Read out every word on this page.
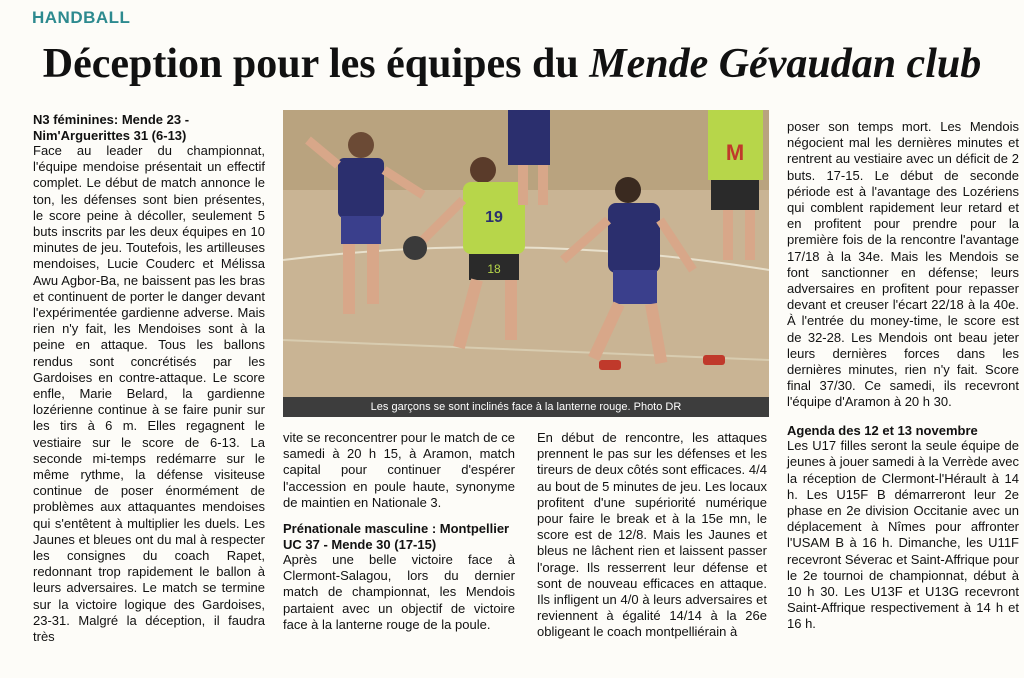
HANDBALL
Déception pour les équipes du Mende Gévaudan club

N3 féminines: Mende 23 - Nim'Arguerittes 31 (6-13)

Face au leader du championnat, l'équipe mendoise présentait un effectif complet. Le début de match annonce le ton, les défenses sont bien présentes, le score peine à décoller, seulement 5 buts inscrits par les deux équipes en 10 minutes de jeu. Toutefois, les artilleuses mendoises, Lucie Couderc et Mélissa Awu Agbor-Ba, ne baissent pas les bras et continuent de porter le danger devant l'expérimentée gardienne adverse. Mais rien n'y fait, les Mendoises sont à la peine en attaque. Tous les ballons rendus sont concrétisés par les Gardoises en contre-attaque. Le score enfle, Marie Belard, la gardienne lozérienne continue à se faire punir sur les tirs à 6 m. Elles regagnent le vestiaire sur le score de 6-13. La seconde mi-temps redémarre sur le même rythme, la défense visiteuse continue de poser énormément de problèmes aux attaquantes mendoises qui s'entêtent à multiplier les duels. Les Jaunes et bleues ont du mal à respecter les consignes du coach Rapet, redonnant trop rapidement le ballon à leurs adversaires. Le match se termine sur la victoire logique des Gardoises, 23-31. Malgré la déception, il faudra très

19
18
M
Les garçons se sont inclinés face à la lanterne rouge. Photo DR

vite se reconcentrer pour le match de ce samedi à 20 h 15, à Aramon, match capital pour continuer d'espérer l'accession en poule haute, synonyme de maintien en Nationale 3.

Prénationale masculine : Montpellier UC 37 - Mende 30 (17-15)

Après une belle victoire face à Clermont-Salagou, lors du dernier match de championnat, les Mendois partaient avec un objectif de victoire face à la lanterne rouge de la poule.

En début de rencontre, les attaques prennent le pas sur les défenses et les tireurs de deux côtés sont efficaces. 4/4 au bout de 5 minutes de jeu. Les locaux profitent d'une supériorité numérique pour faire le break et à la 15e mn, le score est de 12/8. Mais les Jaunes et bleus ne lâchent rien et laissent passer l'orage. Ils resserrent leur défense et sont de nouveau efficaces en attaque. Ils infligent un 4/0 à leurs adversaires et reviennent à égalité 14/14 à la 26e obligeant le coach montpelliérain à

poser son temps mort. Les Mendois négocient mal les dernières minutes et rentrent au vestiaire avec un déficit de 2 buts. 17-15. Le début de seconde période est à l'avantage des Lozériens qui comblent rapidement leur retard et en profitent pour prendre pour la première fois de la rencontre l'avantage 17/18 à la 34e. Mais les Mendois se font sanctionner en défense; leurs adversaires en profitent pour repasser devant et creuser l'écart 22/18 à la 40e. À l'entrée du money-time, le score est de 32-28. Les Mendois ont beau jeter leurs dernières forces dans les dernières minutes, rien n'y fait. Score final 37/30. Ce samedi, ils recevront l'équipe d'Aramon à 20 h 30.

Agenda des 12 et 13 novembre

Les U17 filles seront la seule équipe de jeunes à jouer samedi à la Verrède avec la réception de Clermont-l'Hérault à 14 h. Les U15F B démarreront leur 2e phase en 2e division Occitanie avec un déplacement à Nîmes pour affronter l'USAM B à 16 h. Dimanche, les U11F recevront Séverac et Saint-Affrique pour le 2e tournoi de championnat, début à 10 h 30. Les U13F et U13G recevront Saint-Affrique respectivement à 14 h et 16 h.
